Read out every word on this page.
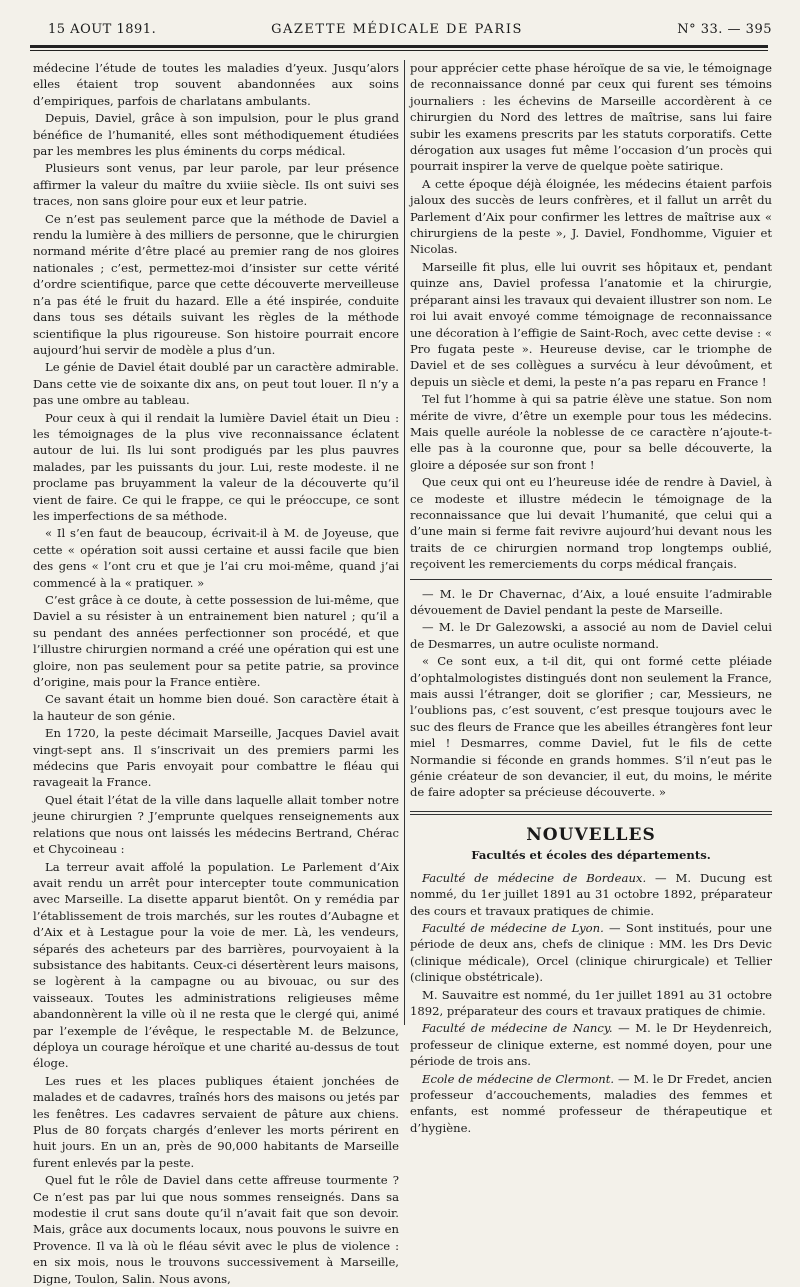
15 AOUT 1891.	GAZETTE MÉDICALE DE PARIS	N° 33. — 395

médecine l’étude de toutes les maladies d’yeux. Jusqu’alors elles étaient trop souvent abandonnées aux soins d’empiriques, parfois de charlatans ambulants.

Depuis, Daviel, grâce à son impulsion, pour le plus grand bénéfice de l’humanité, elles sont méthodiquement étudiées par les membres les plus éminents du corps médical.

Plusieurs sont venus, par leur parole, par leur présence affirmer la valeur du maître du xviiie siècle. Ils ont suivi ses traces, non sans gloire pour eux et leur patrie.

Ce n’est pas seulement parce que la méthode de Daviel a rendu la lumière à des milliers de personne, que le chirurgien normand mérite d’être placé au premier rang de nos gloires nationales ; c’est, permettez-moi d’insister sur cette vérité d’ordre scientifique, parce que cette découverte merveilleuse n’a pas été le fruit du hazard. Elle a été inspirée, conduite dans tous ses détails suivant les règles de la méthode scientifique la plus rigoureuse. Son histoire pourrait encore aujourd’hui servir de modèle a plus d’un.

Le génie de Daviel était doublé par un caractère admirable. Dans cette vie de soixante dix ans, on peut tout louer. Il n’y a pas une ombre au tableau.

Pour ceux à qui il rendait la lumière Daviel était un Dieu : les témoignages de la plus vive reconnaissance éclatent autour de lui. Ils lui sont prodigués par les plus pauvres malades, par les puissants du jour. Lui, reste modeste. il ne proclame pas bruyamment la valeur de la découverte qu’il vient de faire. Ce qui le frappe, ce qui le préoccupe, ce sont les imperfections de sa méthode.

« Il s’en faut de beaucoup, écrivait-il à M. de Joyeuse, que cette « opération soit aussi certaine et aussi facile que bien des gens « l’ont cru et que je l’ai cru moi-même, quand j’ai commencé à la « pratiquer. »

C’est grâce à ce doute, à cette possession de lui-même, que Daviel a su résister à un entrainement bien naturel ; qu’il a su pendant des années perfectionner son procédé, et que l’illustre chirurgien normand a créé une opération qui est une gloire, non pas seulement pour sa petite patrie, sa province d’origine, mais pour la France entière.

Ce savant était un homme bien doué. Son caractère était à la hauteur de son génie.

En 1720, la peste décimait Marseille, Jacques Daviel avait vingt-sept ans. Il s’inscrivait un des premiers parmi les médecins que Paris envoyait pour combattre le fléau qui ravageait la France.

Quel était l’état de la ville dans laquelle allait tomber notre jeune chirurgien ? J’emprunte quelques renseignements aux relations que nous ont laissés les médecins Bertrand, Chérac et Chycoineau :

La terreur avait affolé la population. Le Parlement d’Aix avait rendu un arrêt pour intercepter toute communication avec Marseille. La disette apparut bientôt. On y remédia par l’établissement de trois marchés, sur les routes d’Aubagne et d’Aix et à Lestague pour la voie de mer. Là, les vendeurs, séparés des acheteurs par des barrières, pourvoyaient à la subsistance des habitants. Ceux-ci désertèrent leurs maisons, se logèrent à la campagne ou au bivouac, ou sur des vaisseaux. Toutes les administrations religieuses même abandonnèrent la ville où il ne resta que le clergé qui, animé par l’exemple de l’évêque, le respectable M. de Belzunce, déploya un courage héroïque et une charité au-dessus de tout éloge.

Les rues et les places publiques étaient jonchées de malades et de cadavres, traînés hors des maisons ou jetés par les fenêtres. Les cadavres servaient de pâture aux chiens. Plus de 80 forçats chargés d’enlever les morts périrent en huit jours. En un an, près de 90,000 habitants de Marseille furent enlevés par la peste.

Quel fut le rôle de Daviel dans cette affreuse tourmente ? Ce n’est pas par lui que nous sommes renseignés. Dans sa modestie il crut sans doute qu’il n’avait fait que son devoir. Mais, grâce aux documents locaux, nous pouvons le suivre en Provence. Il va là où le fléau sévit avec le plus de violence : en six mois, nous le trouvons successivement à Marseille, Digne, Toulon, Salin. Nous avons,

pour apprécier cette phase héroïque de sa vie, le témoignage de reconnaissance donné par ceux qui furent ses témoins journaliers : les échevins de Marseille accordèrent à ce chirurgien du Nord des lettres de maîtrise, sans lui faire subir les examens prescrits par les statuts corporatifs. Cette dérogation aux usages fut même l’occasion d’un procès qui pourrait inspirer la verve de quelque poète satirique.

A cette époque déjà éloignée, les médecins étaient parfois jaloux des succès de leurs confrères, et il fallut un arrêt du Parlement d’Aix pour confirmer les lettres de maîtrise aux « chirurgiens de la peste », J. Daviel, Fondhomme, Viguier et Nicolas.

Marseille fit plus, elle lui ouvrit ses hôpitaux et, pendant quinze ans, Daviel professa l’anatomie et la chirurgie, préparant ainsi les travaux qui devaient illustrer son nom. Le roi lui avait envoyé comme témoignage de reconnaissance une décoration à l’effigie de Saint-Roch, avec cette devise : « Pro fugata peste ». Heureuse devise, car le triomphe de Daviel et de ses collègues a survécu à leur dévoûment, et depuis un siècle et demi, la peste n’a pas reparu en France !

Tel fut l’homme à qui sa patrie élève une statue. Son nom mérite de vivre, d’être un exemple pour tous les médecins. Mais quelle auréole la noblesse de ce caractère n’ajoute-t-elle pas à la couronne que, pour sa belle découverte, la gloire a déposée sur son front !

Que ceux qui ont eu l’heureuse idée de rendre à Daviel, à ce modeste et illustre médecin le témoignage de la reconnaissance que lui devait l’humanité, que celui qui a d’une main si ferme fait revivre aujourd’hui devant nous les traits de ce chirurgien normand trop longtemps oublié, reçoivent les remerciements du corps médical français.

— M. le Dr Chavernac, d’Aix, a loué ensuite l’admirable dévouement de Daviel pendant la peste de Marseille.

— M. le Dr Galezowski, a associé au nom de Daviel celui de Desmarres, un autre oculiste normand.

« Ce sont eux, a t-il dit, qui ont formé cette pléiade d’ophtalmologistes distingués dont non seulement la France, mais aussi l’étranger, doit se glorifier ; car, Messieurs, ne l’oublions pas, c’est souvent, c’est presque toujours avec le suc des fleurs de France que les abeilles étrangères font leur miel ! Desmarres, comme Daviel, fut le fils de cette Normandie si féconde en grands hommes. S’il n’eut pas le génie créateur de son devancier, il eut, du moins, le mérite de faire adopter sa précieuse découverte. »

NOUVELLES
Facultés et écoles des départements.

Faculté de médecine de Bordeaux. — M. Ducung est nommé, du 1er juillet 1891 au 31 octobre 1892, préparateur des cours et travaux pratiques de chimie.

Faculté de médecine de Lyon. — Sont institués, pour une période de deux ans, chefs de clinique : MM. les Drs Devic (clinique médicale), Orcel (clinique chirurgicale) et Tellier (clinique obstétricale).

M. Sauvaitre est nommé, du 1er juillet 1891 au 31 octobre 1892, préparateur des cours et travaux pratiques de chimie.

Faculté de médecine de Nancy. — M. le Dr Heydenreich, professeur de clinique externe, est nommé doyen, pour une période de trois ans.

Ecole de médecine de Clermont. — M. le Dr Fredet, ancien professeur d’accouchements, maladies des femmes et enfants, est nommé professeur de thérapeutique et d’hygiène.
